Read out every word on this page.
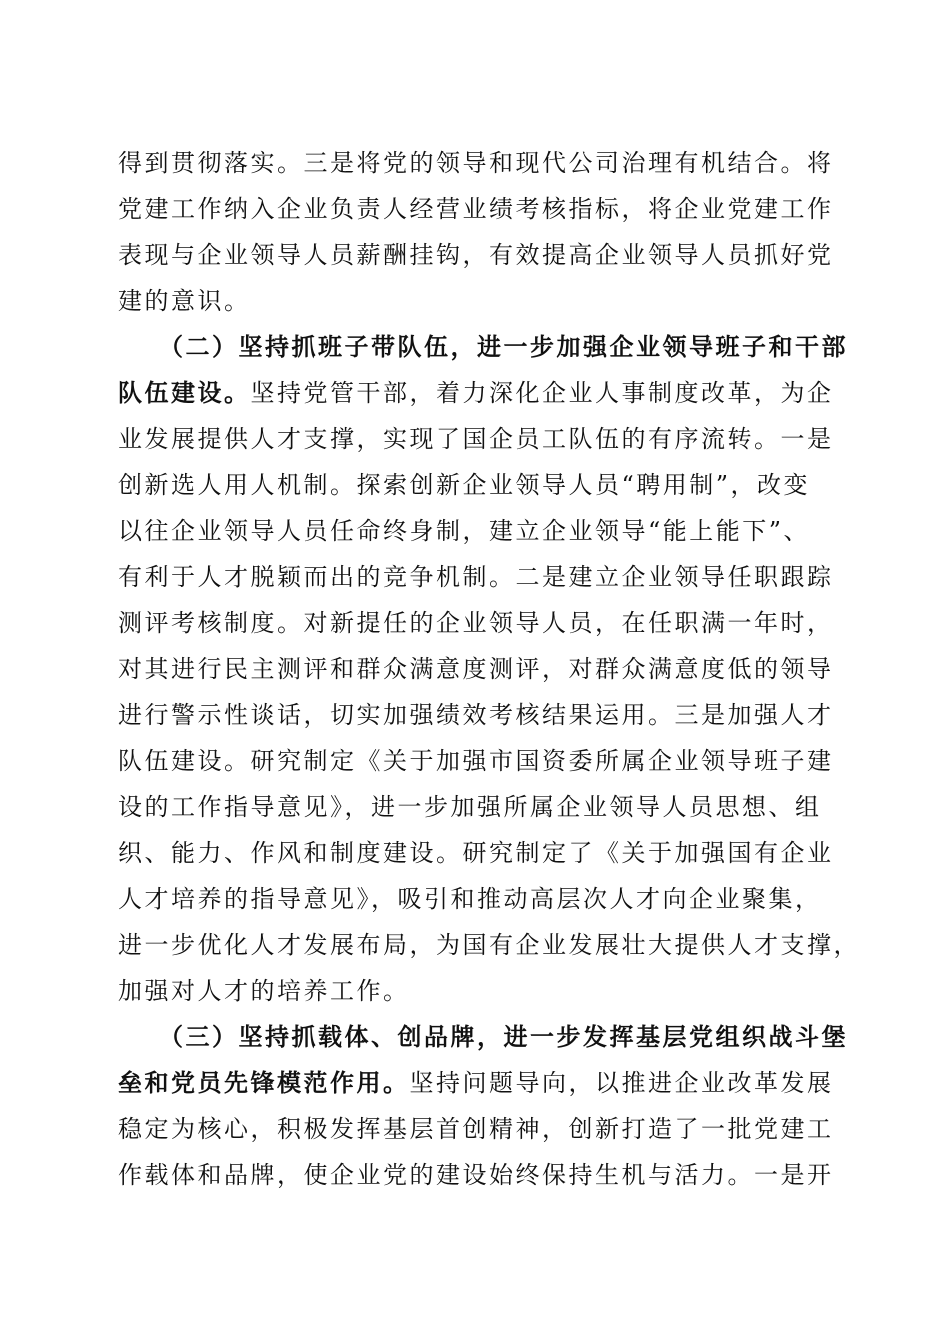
得到贯彻落实。三是将党的领导和现代公司治理有机结合。将
党建工作纳入企业负责人经营业绩考核指标，将企业党建工作
表现与企业领导人员薪酬挂钩，有效提高企业领导人员抓好党
建的意识。
　　（二）坚持抓班子带队伍，进一步加强企业领导班子和干部
队伍建设。坚持党管干部，着力深化企业人事制度改革，为企
业发展提供人才支撑，实现了国企员工队伍的有序流转。一是
创新选人用人机制。探索创新企业领导人员“聘用制”，改变
以往企业领导人员任命终身制，建立企业领导“能上能下”、
有利于人才脱颖而出的竞争机制。二是建立企业领导任职跟踪
测评考核制度。对新提任的企业领导人员，在任职满一年时，
对其进行民主测评和群众满意度测评，对群众满意度低的领导
进行警示性谈话，切实加强绩效考核结果运用。三是加强人才
队伍建设。研究制定《关于加强市国资委所属企业领导班子建
设的工作指导意见》，进一步加强所属企业领导人员思想、组
织、能力、作风和制度建设。研究制定了《关于加强国有企业
人才培养的指导意见》，吸引和推动高层次人才向企业聚集，
进一步优化人才发展布局，为国有企业发展壮大提供人才支撑，
加强对人才的培养工作。
　　（三）坚持抓载体、创品牌，进一步发挥基层党组织战斗堡
垒和党员先锋模范作用。坚持问题导向，以推进企业改革发展
稳定为核心，积极发挥基层首创精神，创新打造了一批党建工
作载体和品牌，使企业党的建设始终保持生机与活力。一是开
